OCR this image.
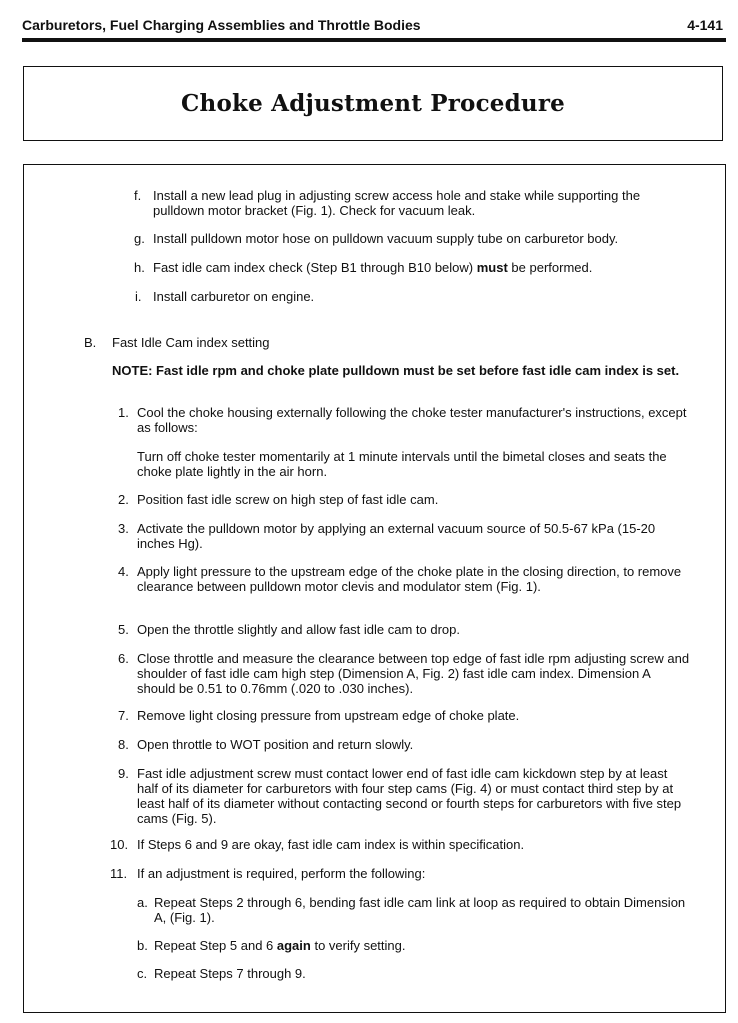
Carburetors, Fuel Charging Assemblies and Throttle Bodies	4-141
Choke Adjustment Procedure
f. Install a new lead plug in adjusting screw access hole and stake while supporting the pulldown motor bracket (Fig. 1). Check for vacuum leak.
g. Install pulldown motor hose on pulldown vacuum supply tube on carburetor body.
h. Fast idle cam index check (Step B1 through B10 below) must be performed.
i. Install carburetor on engine.
B. Fast Idle Cam index setting
NOTE: Fast idle rpm and choke plate pulldown must be set before fast idle cam index is set.
1. Cool the choke housing externally following the choke tester manufacturer's instructions, except as follows:
Turn off choke tester momentarily at 1 minute intervals until the bimetal closes and seats the choke plate lightly in the air horn.
2. Position fast idle screw on high step of fast idle cam.
3. Activate the pulldown motor by applying an external vacuum source of 50.5-67 kPa (15-20 inches Hg).
4. Apply light pressure to the upstream edge of the choke plate in the closing direction, to remove clearance between pulldown motor clevis and modulator stem (Fig. 1).
5. Open the throttle slightly and allow fast idle cam to drop.
6. Close throttle and measure the clearance between top edge of fast idle rpm adjusting screw and shoulder of fast idle cam high step (Dimension A, Fig. 2) fast idle cam index. Dimension A should be 0.51 to 0.76mm (.020 to .030 inches).
7. Remove light closing pressure from upstream edge of choke plate.
8. Open throttle to WOT position and return slowly.
9. Fast idle adjustment screw must contact lower end of fast idle cam kickdown step by at least half of its diameter for carburetors with four step cams (Fig. 4) or must contact third step by at least half of its diameter without contacting second or fourth steps for carburetors with five step cams (Fig. 5).
10. If Steps 6 and 9 are okay, fast idle cam index is within specification.
11. If an adjustment is required, perform the following:
a. Repeat Steps 2 through 6, bending fast idle cam link at loop as required to obtain Dimension A, (Fig. 1).
b. Repeat Step 5 and 6 again to verify setting.
c. Repeat Steps 7 through 9.
